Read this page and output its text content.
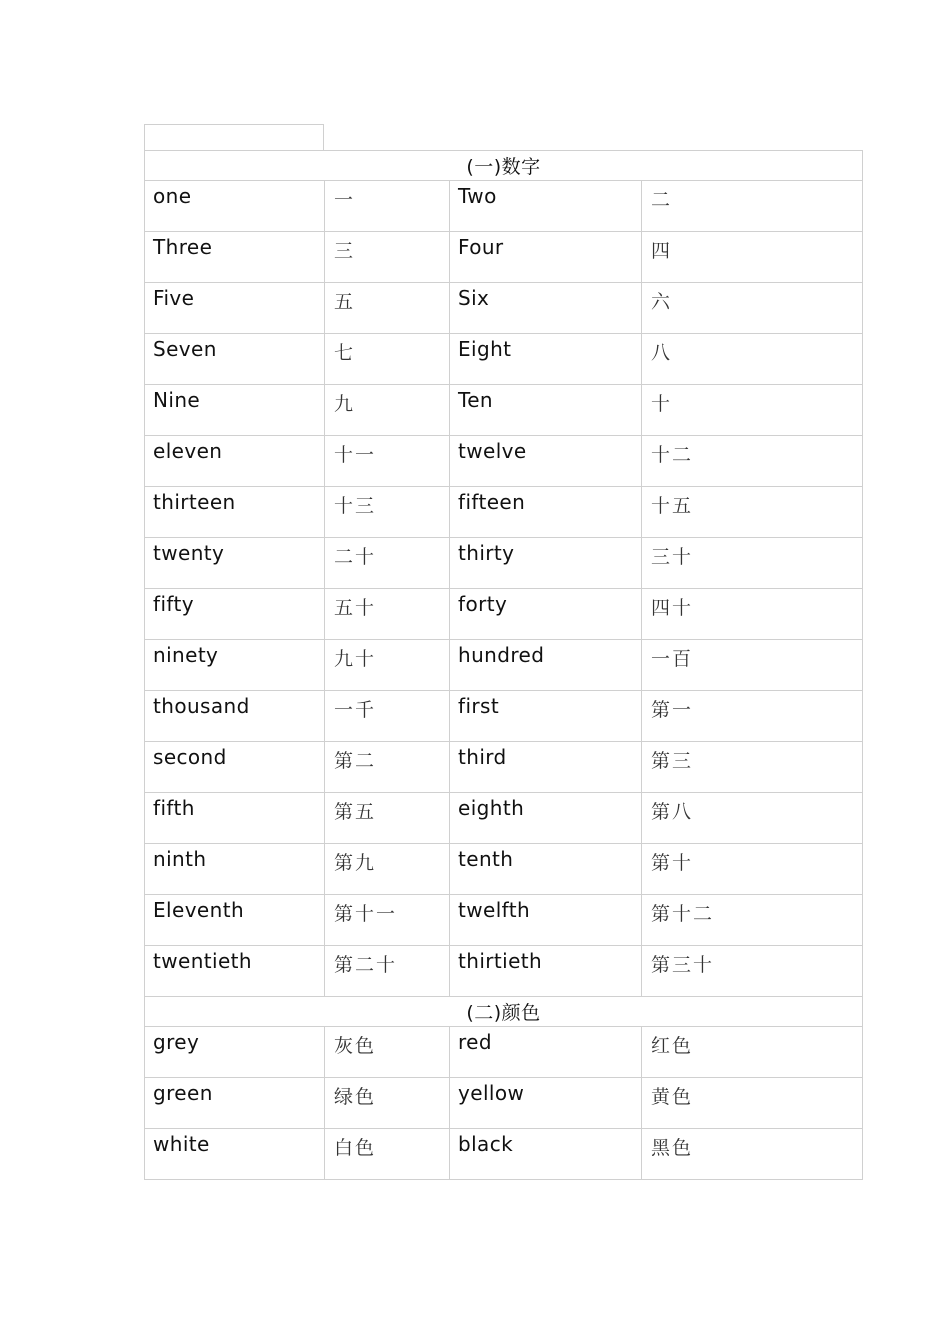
(一)数字			
one	一	Two	二
Three	三	Four	四
Five	五	Six	六
Seven	七	Eight	八
Nine	九	Ten	十
eleven	十一	twelve	十二
thirteen	十三	fifteen	十五
twenty	二十	thirty	三十
fifty	五十	forty	四十
ninety	九十	hundred	一百
thousand	一千	first	第一
second	第二	third	第三
fifth	第五	eighth	第八
ninth	第九	tenth	第十
Eleventh	第十一	twelfth	第十二
twentieth	第二十	thirtieth	第三十
(二)颜色			
grey	灰色	red	红色
green	绿色	yellow	黄色
white	白色	black	黑色
